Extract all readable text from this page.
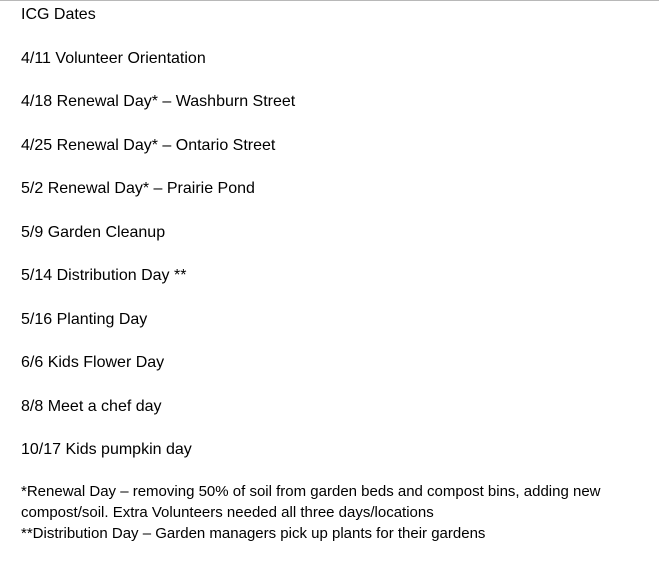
ICG Dates

4/11 Volunteer Orientation
4/18 Renewal Day* – Washburn Street
4/25 Renewal Day* – Ontario Street
5/2 Renewal Day* – Prairie Pond
5/9 Garden Cleanup
5/14 Distribution Day **
5/16 Planting Day
6/6 Kids Flower Day
8/8 Meet a chef day
10/17 Kids pumpkin day

*Renewal Day – removing 50% of soil from garden beds and compost bins, adding new compost/soil. Extra Volunteers needed all three days/locations

**Distribution Day – Garden managers pick up plants for their gardens
